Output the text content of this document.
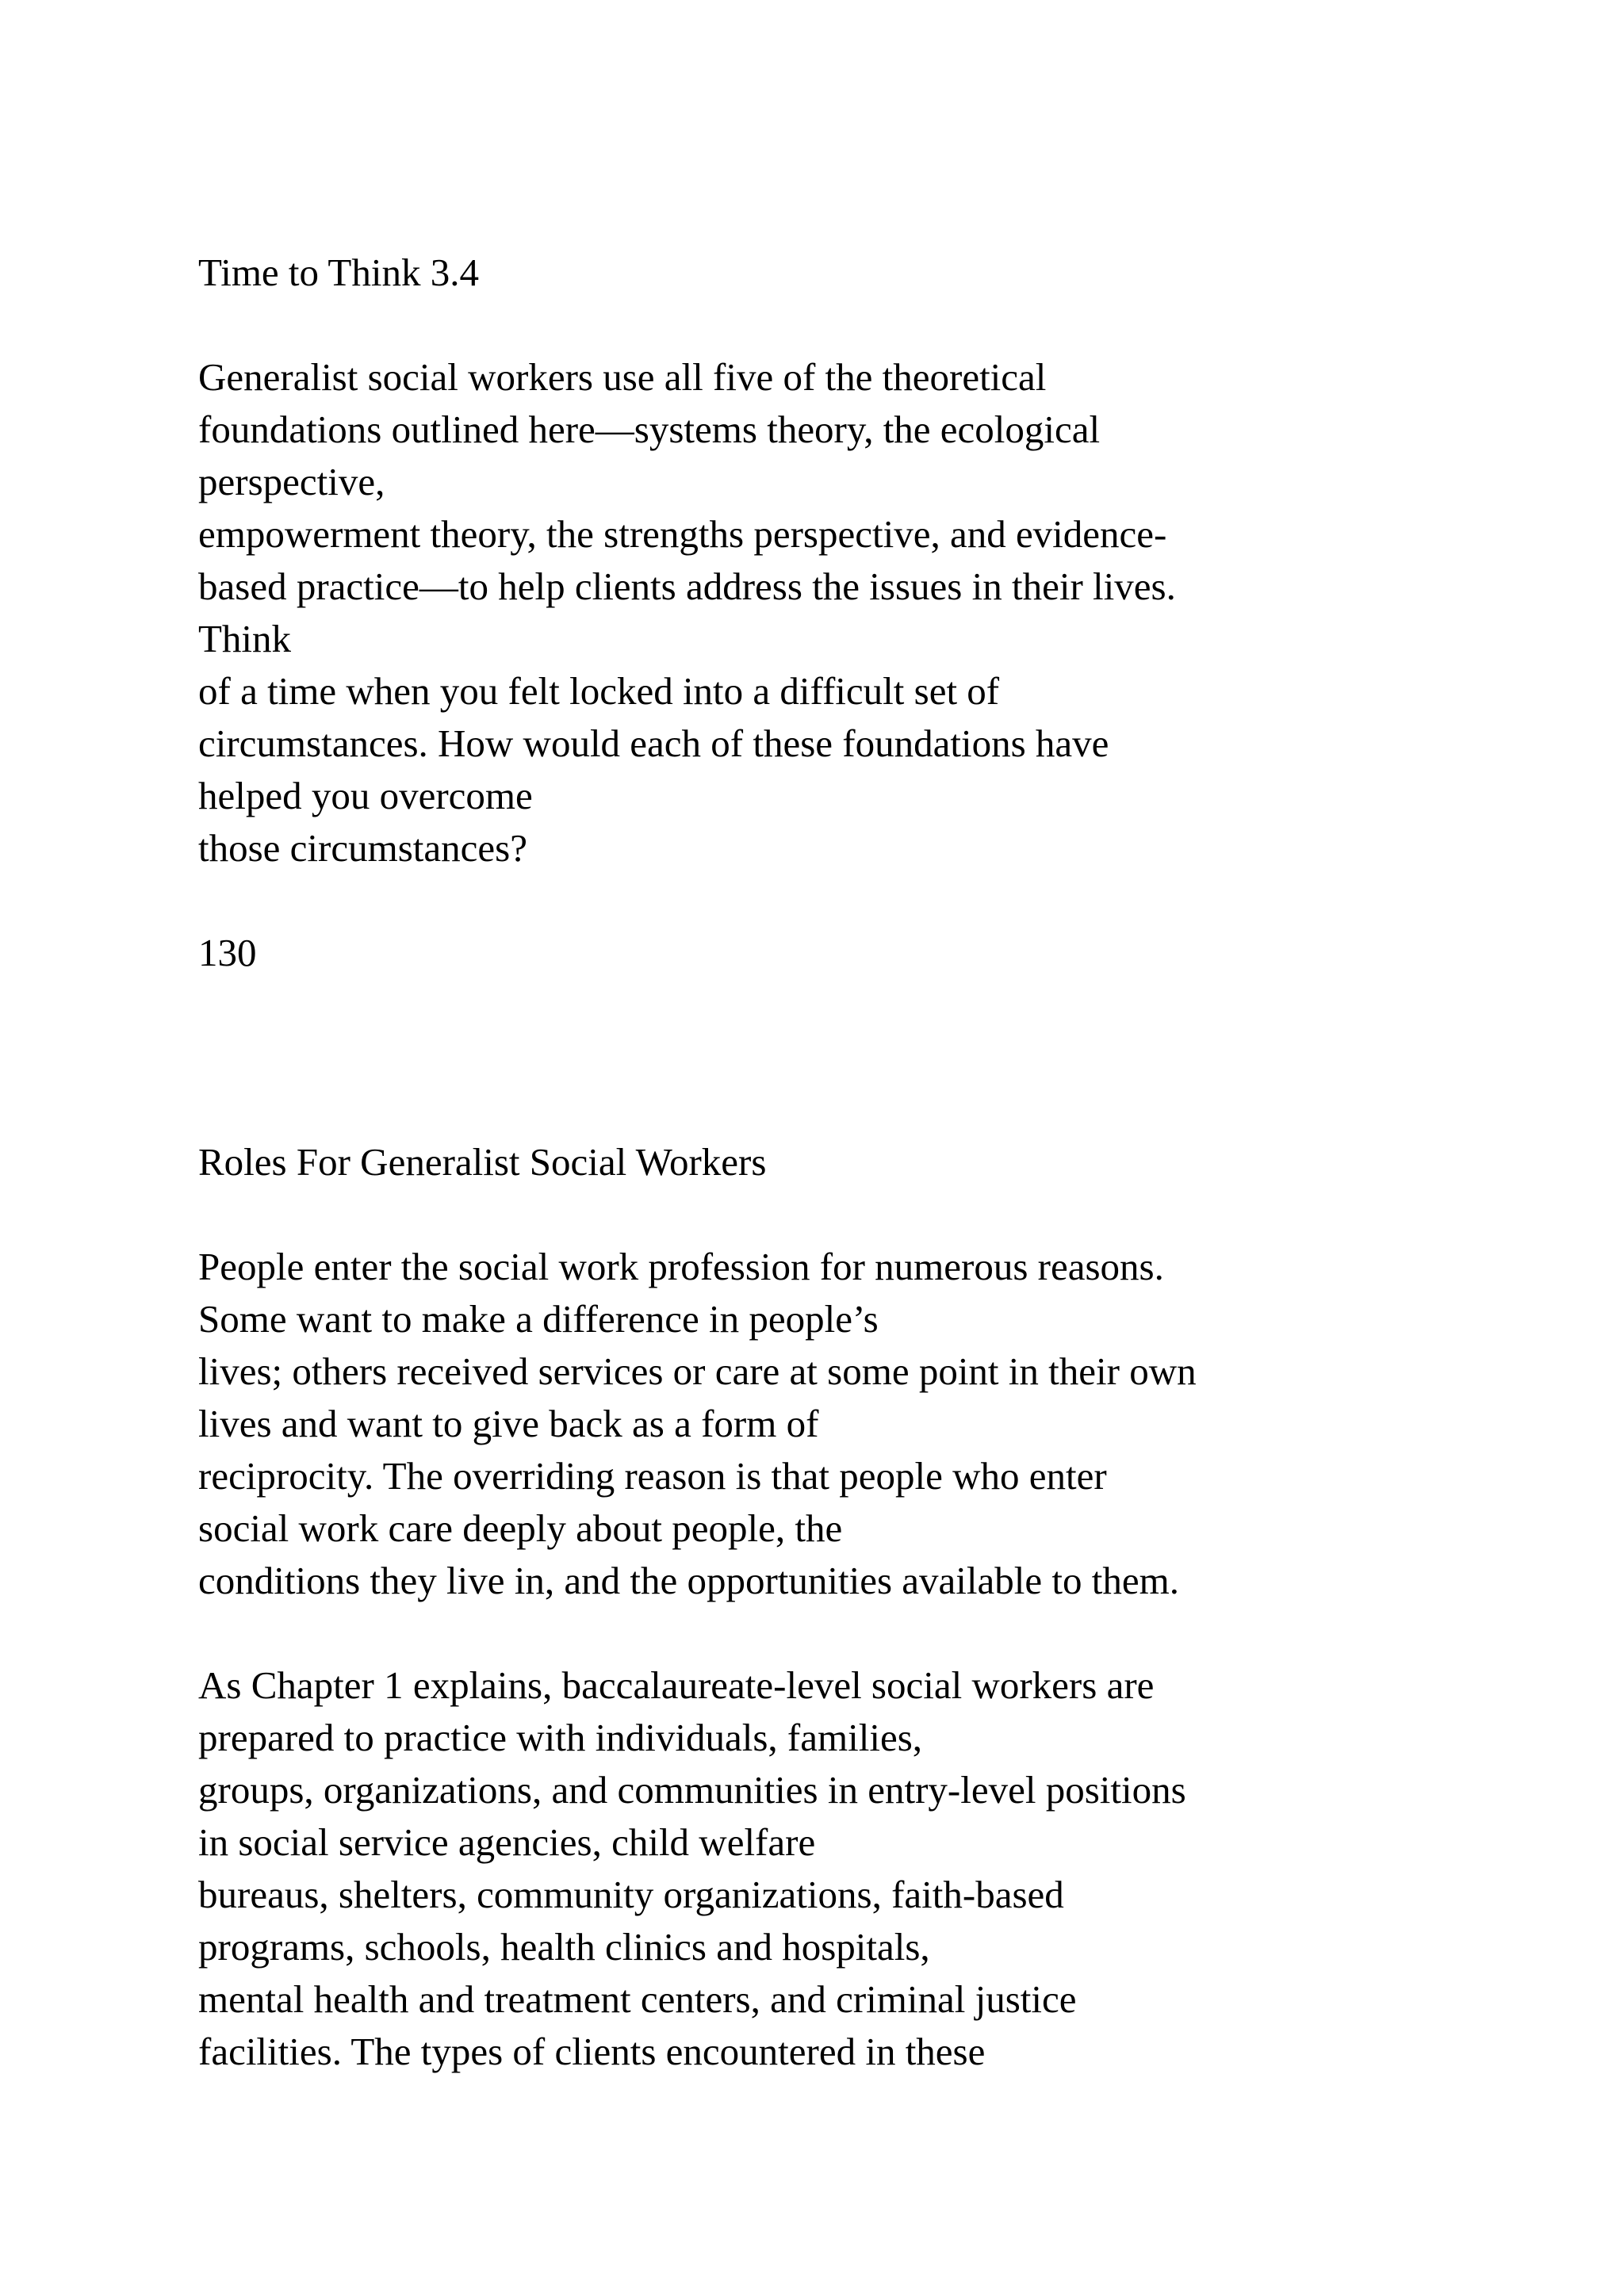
Time to Think 3.4
Generalist social workers use all five of the theoretical
foundations outlined here—systems theory, the ecological
perspective,
empowerment theory, the strengths perspective, and evidence-
based practice—to help clients address the issues in their lives.
Think
of a time when you felt locked into a difficult set of
circumstances. How would each of these foundations have
helped you overcome
those circumstances?
130
Roles For Generalist Social Workers
People enter the social work profession for numerous reasons.
Some want to make a difference in people’s
lives; others received services or care at some point in their own
lives and want to give back as a form of
reciprocity. The overriding reason is that people who enter
social work care deeply about people, the
conditions they live in, and the opportunities available to them.
As Chapter 1 explains, baccalaureate-level social workers are
prepared to practice with individuals, families,
groups, organizations, and communities in entry-level positions
in social service agencies, child welfare
bureaus, shelters, community organizations, faith-based
programs, schools, health clinics and hospitals,
mental health and treatment centers, and criminal justice
facilities. The types of clients encountered in these
